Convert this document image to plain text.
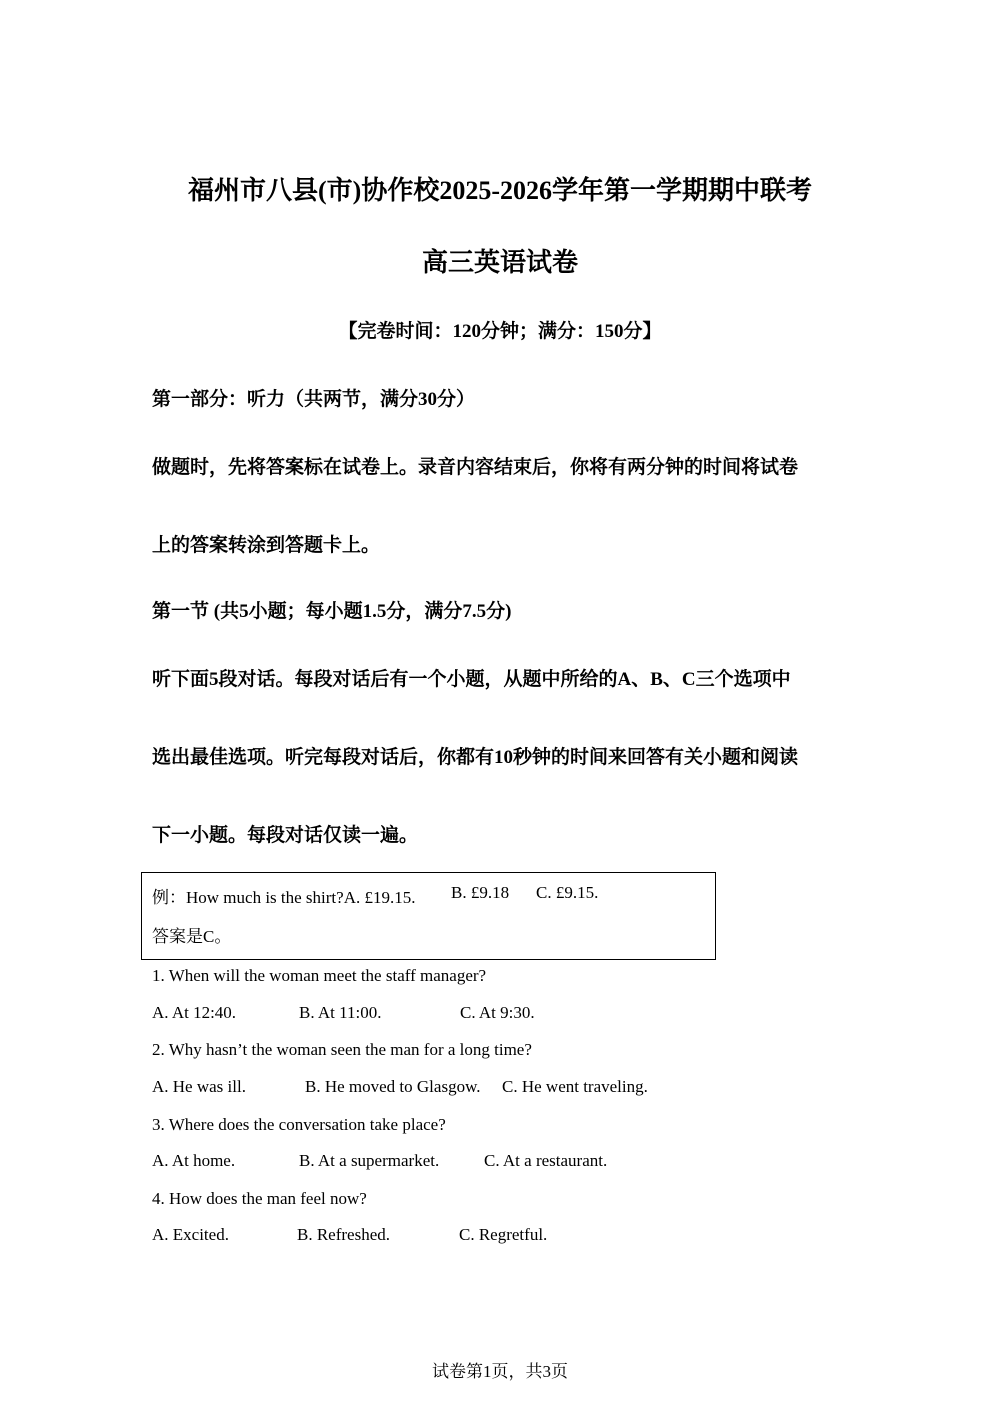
福州市八县(市)协作校2025-2026学年第一学期期中联考
高三英语试卷
【完卷时间：120分钟；满分：150分】
第一部分：听力（共两节，满分30分）
做题时，先将答案标在试卷上。录音内容结束后，你将有两分钟的时间将试卷
上的答案转涂到答题卡上。
第一节 (共5小题；每小题1.5分，满分7.5分)
听下面5段对话。每段对话后有一个小题，从题中所给的A、B、C三个选项中
选出最佳选项。听完每段对话后，你都有10秒钟的时间来回答有关小题和阅读
下一小题。每段对话仅读一遍。
例：How much is the shirt?A. £19.15. B. £9.18 C. £9.15.
答案是C。
1. When will the woman meet the staff manager?
A. At 12:40.	B. At 11:00.	C. At 9:30.
2. Why hasn’t the woman seen the man for a long time?
A. He was ill.	B. He moved to Glasgow. C. He went traveling.
3. Where does the conversation take place?
A. At home.	B. At a supermarket.	C. At a restaurant.
4. How does the man feel now?
A. Excited.	B. Refreshed.	C. Regretful.
试卷第1页，共3页
